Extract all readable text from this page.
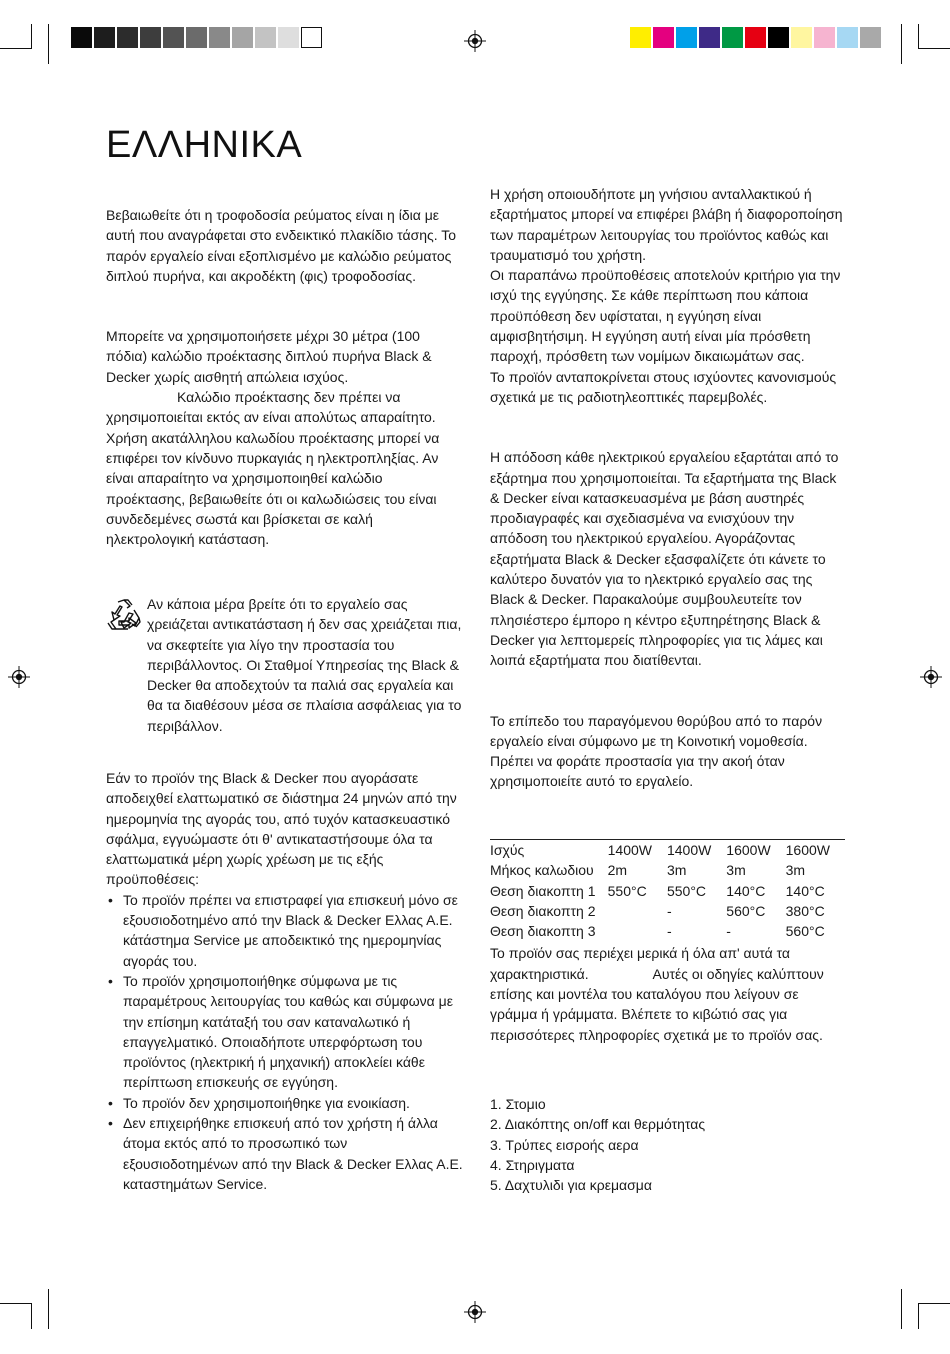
ΕΛΛΗΝΙΚΑ

Βεβαιωθείτε ότι η τροφοδοσία ρεύματος είναι η ίδια με αυτή που αναγράφεται στο ενδεικτικό πλακίδιο τάσης. Το παρόν εργαλείο είναι εξοπλισμένο με καλώδιο ρεύματος διπλού πυρήνα, και ακροδέκτη (φις) τροφοδοσίας.

Μπορείτε να χρησιμοποιήσετε μέχρι 30 μέτρα (100 πόδια) καλώδιο προέκτασης διπλού πυρήνα Black & Decker χωρίς αισθητή απώλεια ισχύος.

Καλώδιο προέκτασης δεν πρέπει να χρησιμοποιείται εκτός αν είναι απολύτως απαραίτητο. Χρήση ακατάλληλου καλωδίου προέκτασης μπορεί να επιφέρει τον κίνδυνο πυρκαγιάς η ηλεκτροπληξίας. Αν είναι απαραίτητο να χρησιμοποιηθεί καλώδιο προέκτασης, βεβαιωθείτε ότι οι καλωδιώσεις του είναι συνδεδεμένες σωστά και βρίσκεται σε καλή ηλεκτρολογική κατάσταση.

Αν κάποια μέρα βρείτε ότι το εργαλείο σας χρειάζεται αντικατάσταση ή δεν σας χρειάζεται πια, να σκεφτείτε για λίγο την προστασία του περιβάλλοντος. Οι Σταθμοί Υπηρεσίας της Black & Decker θα αποδεχτούν τα παλιά σας εργαλεία και θα τα διαθέσουν μέσα σε πλαίσια ασφάλειας για το περιβάλλον.

Εάν το προϊόν της Black & Decker που αγοράσατε αποδειχθεί ελαττωματικό σε διάστημα 24 μηνών από την ημερομηνία της αγοράς του, από τυχόν κατασκευαστικό σφάλμα, εγγυώμαστε ότι θ' αντικαταστήσουμε όλα τα ελαττωματικά μέρη χωρίς χρέωση με τις εξής προϋποθέσεις:

• Το προϊόν πρέπει να επιστραφεί για επισκευή μόνο σε εξουσιοδοτημένο από την Black & Decker Ελλας Α.Ε. κάτάστημα Service με αποδεικτικό της ημερομηνίας αγοράς του.
• Το προϊόν χρησιμοποιήθηκε σύμφωνα με τις παραμέτρους λειτουργίας του καθώς και σύμφωνα με την επίσημη κατάταξή του σαν καταναλωτικό ή επαγγελματικό. Οποιαδήποτε υπερφόρτωση του προϊόντος (ηλεκτρική ή μηχανική) αποκλείει κάθε περίπτωση επισκευής σε εγγύηση.
• Το προϊόν δεν χρησιμοποιήθηκε για ενοικίαση.
• Δεν επιχειρήθηκε επισκευή από τον χρήστη ή άλλα άτομα εκτός από το προσωπικό των εξουσιοδοτημένων από την Black & Decker Ελλας Α.Ε. καταστημάτων Service.

Η χρήση οποιουδήποτε μη γνήσιου ανταλλακτικού ή εξαρτήματος μπορεί να επιφέρει βλάβη ή διαφοροποίηση των παραμέτρων λειτουργίας του προϊόντος καθώς και τραυματισμό του χρήστη.

Οι παραπάνω προϋποθέσεις αποτελούν κριτήριο για την ισχύ της εγγύησης. Σε κάθε περίπτωση που κάποια προϋπόθεση δεν υφίσταται, η εγγύηση είναι αμφισβητήσιμη. Η εγγύηση αυτή είναι μία πρόσθετη παροχή, πρόσθετη των νομίμων δικαιωμάτων σας.

Το προϊόν ανταποκρίνεται στους ισχύοντες κανονισμούς σχετικά με τις ραδιοτηλεοπτικές παρεμβολές.

Η απόδοση κάθε ηλεκτρικού εργαλείου εξαρτάται από το εξάρτημα που χρησιμοποιείται. Τα εξαρτήματα της Black & Decker είναι κατασκευασμένα με βάση αυστηρές προδιαγραφές και σχεδιασμένα να ενισχύουν την απόδοση του ηλεκτρικού εργαλείου. Αγοράζοντας εξαρτήματα Black & Decker εξασφαλίζετε ότι κάνετε το καλύτερο δυνατόν για το ηλεκτρικό εργαλείο σας της Black & Decker. Παρακαλούμε συμβουλευτείτε τον πλησιέστερο έμπορο η κέντρο εξυπηρέτησης Black & Decker για λεπτομερείς πληροφορίες για τις λάμες και λοιπά εξαρτήματα που διατίθενται.

Το επίπεδο του παραγόμενου θορύβου από το παρόν εργαλείο είναι σύμφωνο με τη Κοινοτική νομοθεσία. Πρέπει να φοράτε προστασία για την ακοή όταν χρησιμοποιείτε αυτό το εργαλείο.

Ισχύς	1400W	1400W	1600W	1600W
Μήκος καλωδιου	2m	3m	3m	3m
Θεση διακοπτη 1	550°C	550°C	140°C	140°C
Θεση διακοπτη 2		-	560°C	380°C
Θεση διακοπτη 3		-	-	560°C

Το προϊόν σας περιέχει μερικά ή όλα απ' αυτά τα χαρακτηριστικά.	Αυτές οι οδηγίες καλύπτουν επίσης και μοντέλα του καταλόγου που λείγουν σε γράμμα ή γράμματα. Βλέπετε το κιβώτιό σας για περισσότερες πληροφορίες σχετικά με το προϊόν σας.

1. Στομιο
2. Διακόπτης on/off και θερμότητας
3. Τρύπες εισροής αερα
4. Στηριγματα
5. Δαχτυλιδι για κρεμασμα
